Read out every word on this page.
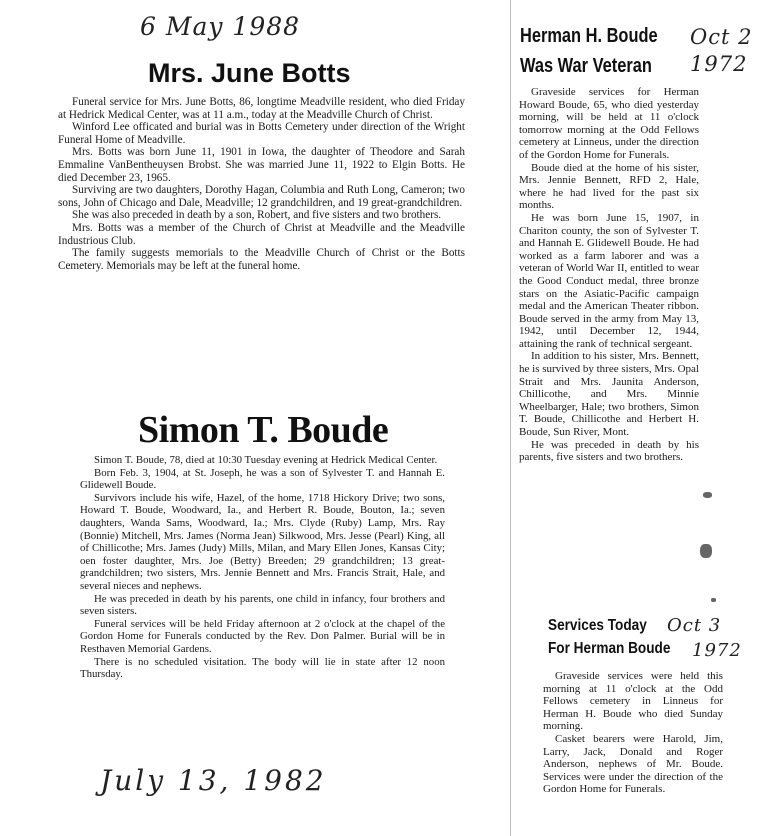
6 May 1988
Mrs. June Botts

Funeral service for Mrs. June Botts, 86, longtime Meadville resident, who died Friday at Hedrick Medical Center, was at 11 a.m., today at the Meadville Church of Christ.

Winford Lee officated and burial was in Botts Cemetery under direction of the Wright Funeral Home of Meadville.

Mrs. Botts was born June 11, 1901 in Iowa, the daughter of Theodore and Sarah Emmaline VanBentheuysen Brobst. She was married June 11, 1922 to Elgin Botts. He died December 23, 1965.

Surviving are two daughters, Dorothy Hagan, Columbia and Ruth Long, Cameron; two sons, John of Chicago and Dale, Meadville; 12 grandchildren, and 19 great-grandchildren.

She was also preceded in death by a son, Robert, and five sisters and two brothers.

Mrs. Botts was a member of the Church of Christ at Meadville and the Meadville Industrious Club.

The family suggests memorials to the Meadville Church of Christ or the Botts Cemetery. Memorials may be left at the funeral home.

Simon T. Boude

Simon T. Boude, 78, died at 10:30 Tuesday evening at Hedrick Medical Center.

Born Feb. 3, 1904, at St. Joseph, he was a son of Sylvester T. and Hannah E. Glidewell Boude.

Survivors include his wife, Hazel, of the home, 1718 Hickory Drive; two sons, Howard T. Boude, Woodward, Ia., and Herbert R. Boude, Bouton, Ia.; seven daughters, Wanda Sams, Woodward, Ia.; Mrs. Clyde (Ruby) Lamp, Mrs. Ray (Bonnie) Mitchell, Mrs. James (Norma Jean) Silkwood, Mrs. Jesse (Pearl) King, all of Chillicothe; Mrs. James (Judy) Mills, Milan, and Mary Ellen Jones, Kansas City; oen foster daughter, Mrs. Joe (Betty) Breeden; 29 grandchildren; 13 great-grandchildren; two sisters, Mrs. Jennie Bennett and Mrs. Francis Strait, Hale, and several nieces and nephews.

He was preceded in death by his parents, one child in infancy, four brothers and seven sisters.

Funeral services will be held Friday afternoon at 2 o'clock at the chapel of the Gordon Home for Funerals conducted by the Rev. Don Palmer. Burial will be in Resthaven Memorial Gardens.

There is no scheduled visitation. The body will lie in state after 12 noon Thursday.

July 13, 1982
Herman H. Boude
Was War Veteran
Oct 2
1972

Graveside services for Herman Howard Boude, 65, who died yesterday morning, will be held at 11 o'clock tomorrow morning at the Odd Fellows cemetery at Linneus, under the direction of the Gordon Home for Funerals.

Boude died at the home of his sister, Mrs. Jennie Bennett, RFD 2, Hale, where he had lived for the past six months.

He was born June 15, 1907, in Chariton county, the son of Sylvester T. and Hannah E. Glidewell Boude. He had worked as a farm laborer and was a veteran of World War II, entitled to wear the Good Conduct medal, three bronze stars on the Asiatic-Pacific campaign medal and the American Theater ribbon. Boude served in the army from May 13, 1942, until December 12, 1944, attaining the rank of technical sergeant.

In addition to his sister, Mrs. Bennett, he is survived by three sisters, Mrs. Opal Strait and Mrs. Jaunita Anderson, Chillicothe, and Mrs. Minnie Wheelbarger, Hale; two brothers, Simon T. Boude, Chillicothe and Herbert H. Boude, Sun River, Mont.

He was preceded in death by his parents, five sisters and two brothers.

Services Today
For Herman Boude
Oct 3
1972

Graveside services were held this morning at 11 o'clock at the Odd Fellows cemetery in Linneus for Herman H. Boude who died Sunday morning.

Casket bearers were Harold, Jim, Larry, Jack, Donald and Roger Anderson, nephews of Mr. Boude. Services were under the direction of the Gordon Home for Funerals.
